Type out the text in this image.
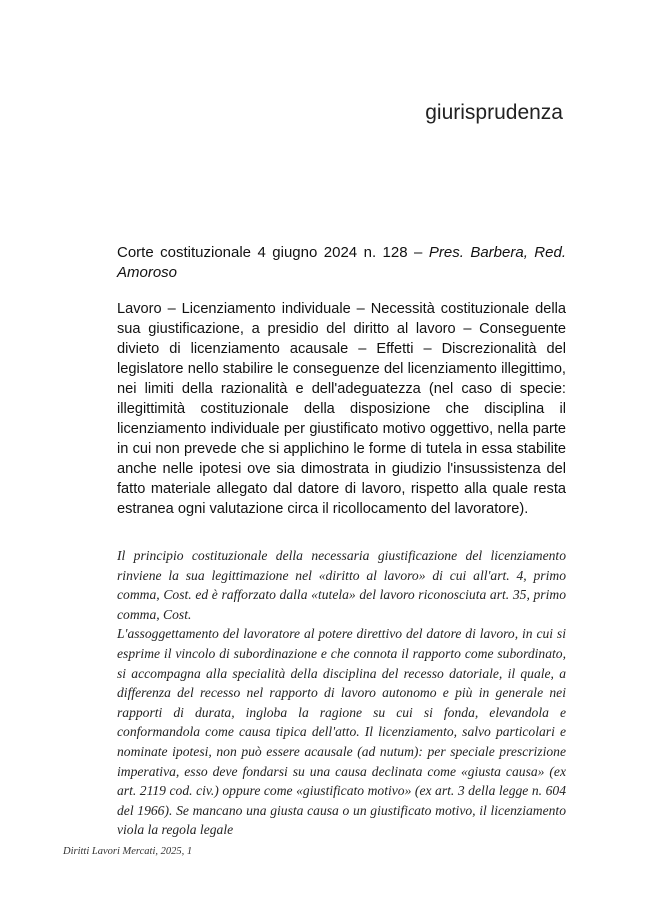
giurisprudenza
Corte costituzionale 4 giugno 2024 n. 128 – Pres. Barbera, Red. Amoroso

Lavoro – Licenziamento individuale – Necessità costituzionale della sua giustificazione, a presidio del diritto al lavoro – Conseguente divieto di licenziamento acausale – Effetti – Discrezionalità del legislatore nello stabilire le conseguenze del licenziamento illegittimo, nei limiti della razionalità e dell'adeguatezza (nel caso di specie: illegittimità costituzionale della disposizione che disciplina il licenziamento individuale per giustificato motivo oggettivo, nella parte in cui non prevede che si applichino le forme di tutela in essa stabilite anche nelle ipotesi ove sia dimostrata in giudizio l'insussistenza del fatto materiale allegato dal datore di lavoro, rispetto alla quale resta estranea ogni valutazione circa il ricollocamento del lavoratore).

Il principio costituzionale della necessaria giustificazione del licenziamento rinviene la sua legittimazione nel «diritto al lavoro» di cui all'art. 4, primo comma, Cost. ed è rafforzato dalla «tutela» del lavoro riconosciuta art. 35, primo comma, Cost.

L'assoggettamento del lavoratore al potere direttivo del datore di lavoro, in cui si esprime il vincolo di subordinazione e che connota il rapporto come subordinato, si accompagna alla specialità della disciplina del recesso datoriale, il quale, a differenza del recesso nel rapporto di lavoro autonomo e più in generale nei rapporti di durata, ingloba la ragione su cui si fonda, elevandola e conformandola come causa tipica dell'atto. Il licenziamento, salvo particolari e nominate ipotesi, non può essere acausale (ad nutum): per speciale prescrizione imperativa, esso deve fondarsi su una causa declinata come «giusta causa» (ex art. 2119 cod. civ.) oppure come «giustificato motivo» (ex art. 3 della legge n. 604 del 1966). Se mancano una giusta causa o un giustificato motivo, il licenziamento viola la regola legale

Diritti Lavori Mercati, 2025, 1
